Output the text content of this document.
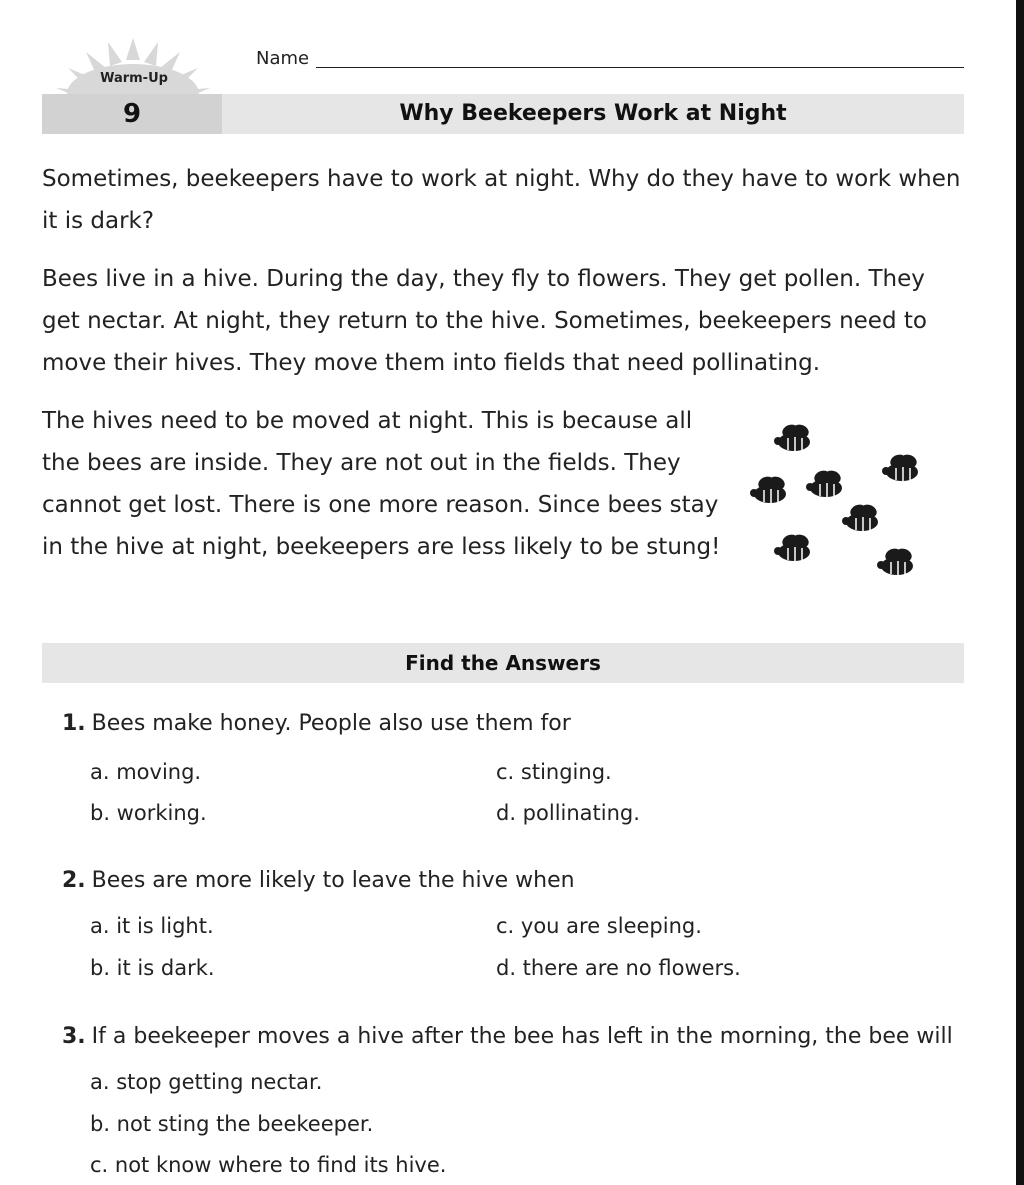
Warm-Up
Name
9	Why Beekeepers Work at Night

Sometimes, beekeepers have to work at night. Why do they have to work when it is dark?

Bees live in a hive. During the day, they fly to flowers. They get pollen. They get nectar. At night, they return to the hive. Sometimes, beekeepers need to move their hives. They move them into fields that need pollinating.

The hives need to be moved at night. This is because all the bees are inside. They are not out in the fields. They cannot get lost. There is one more reason. Since bees stay in the hive at night, beekeepers are less likely to be stung!

Find the Answers
1. Bees make honey. People also use them for
a. moving.
b. working.
c. stinging.
d. pollinating.
2. Bees are more likely to leave the hive when
a. it is light.
b. it is dark.
c. you are sleeping.
d. there are no flowers.
3. If a beekeeper moves a hive after the bee has left in the morning, the bee will
a. stop getting nectar.
b. not sting the beekeeper.
c. not know where to find its hive.
